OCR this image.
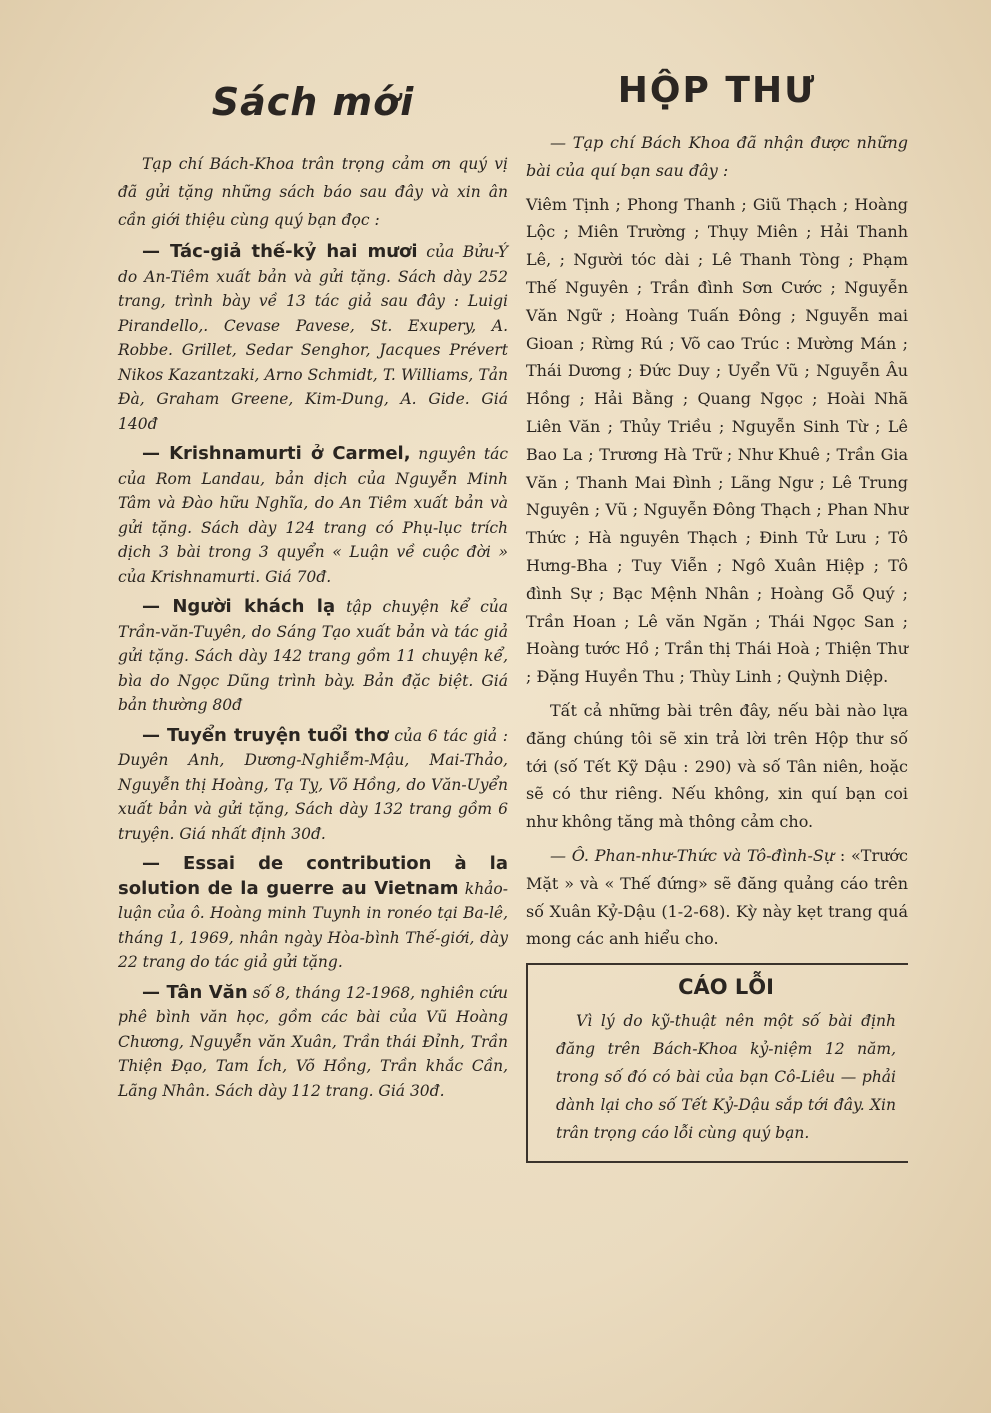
Sách mới

Tạp chí Bách-Khoa trân trọng cảm ơn quý vị đã gửi tặng những sách báo sau đây và xin ân cần giới thiệu cùng quý bạn đọc :

— Tác-giả thế-kỷ hai mươi của Bửu-Ý do An-Tiêm xuất bản và gửi tặng. Sách dày 252 trang, trình bày về 13 tác giả sau đây : Luigi Pirandello,. Cevase Pavese, St. Exupery, A. Robbe. Grillet, Sedar Senghor, Jacques Prévert Nikos Kazantzaki, Arno Schmidt, T. Williams, Tản Đà, Graham Greene, Kim-Dung, A. Gide. Giá 140đ

— Krishnamurti ở Carmel, nguyên tác của Rom Landau, bản dịch của Nguyễn Minh Tâm và Đào hữu Nghĩa, do An Tiêm xuất bản và gửi tặng. Sách dày 124 trang có Phụ-lục trích dịch 3 bài trong 3 quyển « Luận về cuộc đời » của Krishnamurti. Giá 70đ.

— Người khách lạ tập chuyện kể của Trần-văn-Tuyên, do Sáng Tạo xuất bản và tác giả gửi tặng. Sách dày 142 trang gồm 11 chuyện kể, bìa do Ngọc Dũng trình bày. Bản đặc biệt. Giá bản thường 80đ

— Tuyển truyện tuổi thơ của 6 tác giả : Duyên Anh, Dương-Nghiễm-Mậu, Mai-Thảo, Nguyễn thị Hoàng, Tạ Tỵ, Võ Hồng, do Văn-Uyển xuất bản và gửi tặng, Sách dày 132 trang gồm 6 truyện. Giá nhất định 30đ.

— Essai de contribution à la solution de la guerre au Vietnam khảo-luận của ô. Hoàng minh Tuynh in ronéo tại Ba-lê, tháng 1, 1969, nhân ngày Hòa-bình Thế-giới, dày 22 trang do tác giả gửi tặng.

— Tân Văn số 8, tháng 12-1968, nghiên cứu phê bình văn học, gồm các bài của Vũ Hoàng Chương, Nguyễn văn Xuân, Trần thái Đỉnh, Trần Thiện Đạo, Tam Ích, Võ Hồng, Trần khắc Cần, Lãng Nhân. Sách dày 112 trang. Giá 30đ.

HỘP THƯ

— Tạp chí Bách Khoa đã nhận được những bài của quí bạn sau đây :

Viêm Tịnh ; Phong Thanh ; Giũ Thạch ; Hoàng Lộc ; Miên Trường ; Thụy Miên ; Hải Thanh Lê, ; Người tóc dài ; Lê Thanh Tòng ; Phạm Thế Nguyên ; Trần đình Sơn Cước ; Nguyễn Văn Ngữ ; Hoàng Tuấn Đông ; Nguyễn mai Gioan ; Rừng Rú ; Võ cao Trúc : Mường Mán ; Thái Dương ; Đức Duy ; Uyển Vũ ; Nguyễn Âu Hồng ; Hải Bằng ; Quang Ngọc ; Hoài Nhã Liên Văn ; Thủy Triều ; Nguyễn Sinh Từ ; Lê Bao La ; Trương Hà Trữ ; Như Khuê ; Trần Gia Văn ; Thanh Mai Đình ; Lãng Ngư ; Lê Trung Nguyên ; Vũ ; Nguyễn Đông Thạch ; Phan Như Thức ; Hà nguyên Thạch ; Đinh Tử Lưu ; Tô Hưng-Bha ; Tuy Viễn ; Ngô Xuân Hiệp ; Tô đình Sự ; Bạc Mệnh Nhân ; Hoàng Gỗ Quý ; Trần Hoan ; Lê văn Ngăn ; Thái Ngọc San ; Hoàng tước Hồ ; Trần thị Thái Hoà ; Thiện Thư ; Đặng Huyền Thu ; Thùy Linh ; Quỳnh Diệp.

Tất cả những bài trên đây, nếu bài nào lựa đăng chúng tôi sẽ xin trả lời trên Hộp thư số tới (số Tết Kỹ Dậu : 290) và số Tân niên, hoặc sẽ có thư riêng. Nếu không, xin quí bạn coi như không tăng mà thông cảm cho.

— Ô. Phan-như-Thức và Tô-đình-Sự : «Trước Mặt » và « Thế đứng» sẽ đăng quảng cáo trên số Xuân Kỷ-Dậu (1-2-68). Kỳ này kẹt trang quá mong các anh hiểu cho.

CÁO LỖI

Vì lý do kỹ-thuật nên một số bài định đăng trên Bách-Khoa kỷ-niệm 12 năm, trong số đó có bài của bạn Cô-Liêu — phải dành lại cho số Tết Kỷ-Dậu sắp tới đây. Xin trân trọng cáo lỗi cùng quý bạn.
